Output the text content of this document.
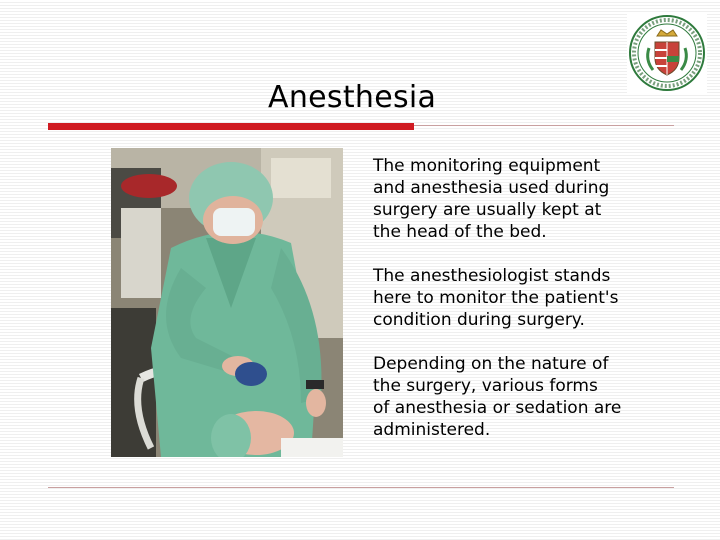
Anesthesia

The monitoring equipment
and anesthesia used during
surgery are usually kept at
the head of the bed.

The anesthesiologist stands
here to monitor the patient's
condition during surgery.

Depending on the nature of
the surgery, various forms
of anesthesia or sedation are
administered.
